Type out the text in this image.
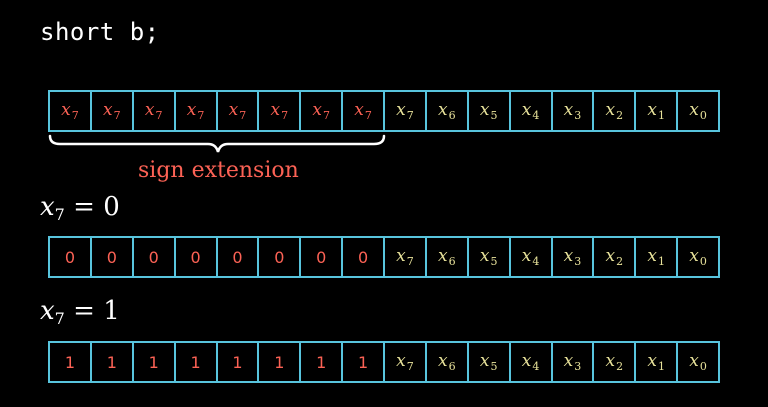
short b;
$x_7$ $x_7$ $x_7$ $x_7$ $x_7$ $x_7$ $x_7$ $x_7$ $x_7$ $x_6$ $x_5$ $x_4$ $x_3$ $x_2$ $x_1$ $x_0$
sign extension
$x_7 = 0$
0 0 0 0 0 0 0 0 $x_7$ $x_6$ $x_5$ $x_4$ $x_3$ $x_2$ $x_1$ $x_0$
$x_7 = 1$
1 1 1 1 1 1 1 1 $x_7$ $x_6$ $x_5$ $x_4$ $x_3$ $x_2$ $x_1$ $x_0$
